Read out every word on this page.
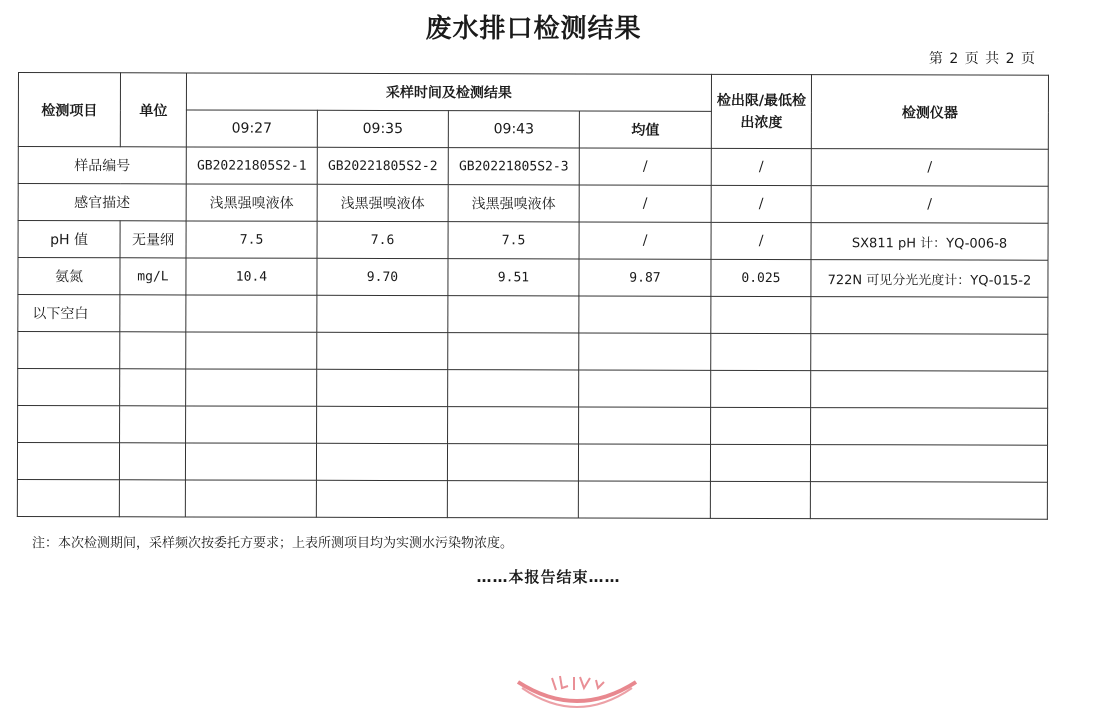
废水排口检测结果
第 2 页 共 2 页
检测项目	单位	采样时间及检测结果				检出限/最低检出浓度	检测仪器
		09:27	09:35	09:43	均值		
样品编号		GB20221805S2-1	GB20221805S2-2	GB20221805S2-3	/	/	/
感官描述		浅黑强嗅液体	浅黑强嗅液体	浅黑强嗅液体	/	/	/
pH 值	无量纲	7.5	7.6	7.5	/	/	SX811 pH 计：YQ-006-8
氨氮	mg/L	10.4	9.70	9.51	9.87	0.025	722N 可见分光光度计：YQ-015-2
以下空白							

注：本次检测期间，采样频次按委托方要求；上表所测项目均为实测水污染物浓度。
……本报告结束……
